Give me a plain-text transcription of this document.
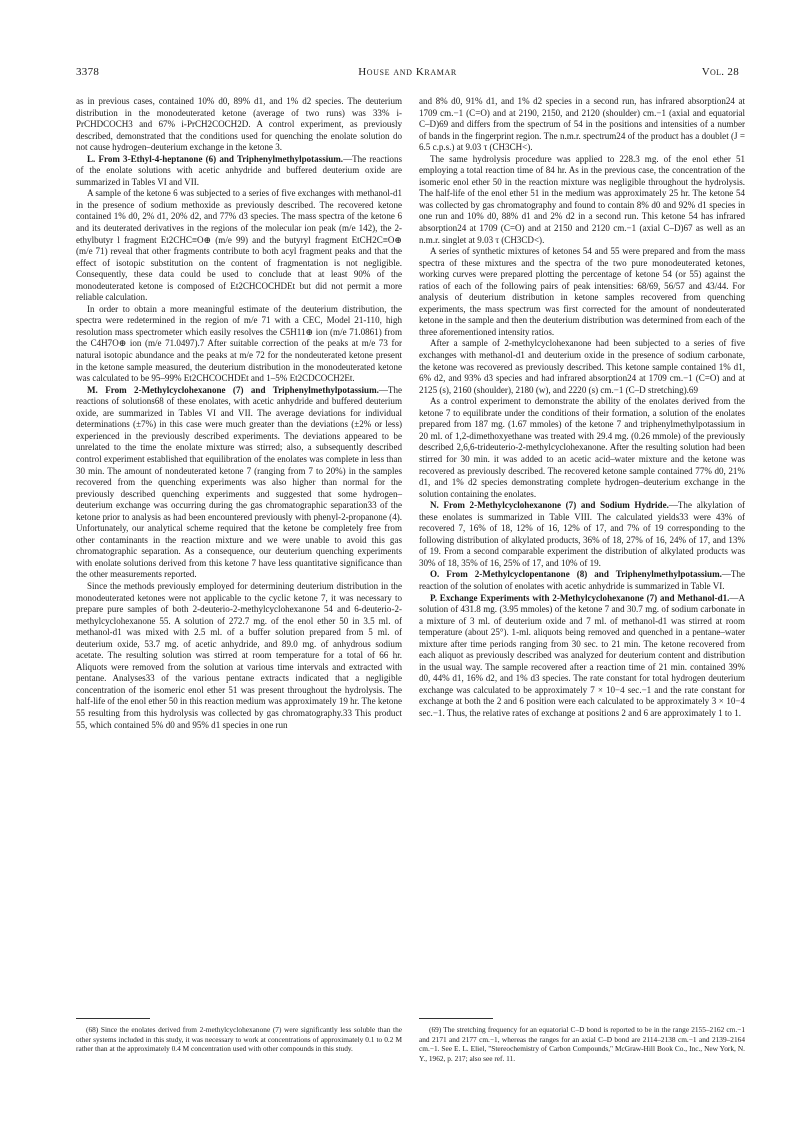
3378	House and Kramar	Vol. 28

as in previous cases, contained 10% d0, 89% d1, and 1% d2 species. The deuterium distribution in the monodeuterated ketone (average of two runs) was 33% i-PrCHDCOCH3 and 67% i-PrCH2COCH2D. A control experiment, as previously described, demonstrated that the conditions used for quenching the enolate solution do not cause hydrogen–deuterium exchange in the ketone 3.

L. From 3-Ethyl-4-heptanone (6) and Triphenylmethylpotassium.—The reactions of the enolate solutions with acetic anhydride and buffered deuterium oxide are summarized in Tables VI and VII.

A sample of the ketone 6 was subjected to a series of five exchanges with methanol-d1 in the presence of sodium methoxide as previously described. The recovered ketone contained 1% d0, 2% d1, 20% d2, and 77% d3 species. The mass spectra of the ketone 6 and its deuterated derivatives in the regions of the molecular ion peak (m/e 142), the 2-ethylbutyr l fragment Et2CHC≡O⊕ (m/e 99) and the butyryl fragment EtCH2C≡O⊕ (m/e 71) reveal that other fragments contribute to both acyl fragment peaks and that the effect of isotopic substitution on the content of fragmentation is not negligible. Consequently, these data could be used to conclude that at least 90% of the monodeuterated ketone is composed of Et2CHCOCHDEt but did not permit a more reliable calculation.

In order to obtain a more meaningful estimate of the deuterium distribution, the spectra were redetermined in the region of m/e 71 with a CEC, Model 21-110, high resolution mass spectrometer which easily resolves the C5H11⊕ ion (m/e 71.0861) from the C4H7O⊕ ion (m/e 71.0497).7 After suitable correction of the peaks at m/e 73 for natural isotopic abundance and the peaks at m/e 72 for the nondeuterated ketone present in the ketone sample measured, the deuterium distribution in the monodeuterated ketone was calculated to be 95–99% Et2CHCOCHDEt and 1–5% Et2CDCOCH2Et.

M. From 2-Methylcyclohexanone (7) and Triphenylmethylpotassium.—The reactions of solutions68 of these enolates, with acetic anhydride and buffered deuterium oxide, are summarized in Tables VI and VII. The average deviations for individual determinations (±7%) in this case were much greater than the deviations (±2% or less) experienced in the previously described experiments. The deviations appeared to be unrelated to the time the enolate mixture was stirred; also, a subsequently described control experiment established that equilibration of the enolates was complete in less than 30 min. The amount of nondeuterated ketone 7 (ranging from 7 to 20%) in the samples recovered from the quenching experiments was also higher than normal for the previously described quenching experiments and suggested that some hydrogen–deuterium exchange was occurring during the gas chromatographic separation33 of the ketone prior to analysis as had been encountered previously with phenyl-2-propanone (4). Unfortunately, our analytical scheme required that the ketone be completely free from other contaminants in the reaction mixture and we were unable to avoid this gas chromatographic separation. As a consequence, our deuterium quenching experiments with enolate solutions derived from this ketone 7 have less quantitative significance than the other measurements reported.

Since the methods previously employed for determining deuterium distribution in the monodeuterated ketones were not applicable to the cyclic ketone 7, it was necessary to prepare pure samples of both 2-deuterio-2-methylcyclohexanone 54 and 6-deuterio-2-methylcyclohexanone 55. A solution of 272.7 mg. of the enol ether 50 in 3.5 ml. of methanol-d1 was mixed with 2.5 ml. of a buffer solution prepared from 5 ml. of deuterium oxide, 53.7 mg. of acetic anhydride, and 89.0 mg. of anhydrous sodium acetate. The resulting solution was stirred at room temperature for a total of 66 hr. Aliquots were removed from the solution at various time intervals and extracted with pentane. Analyses33 of the various pentane extracts indicated that a negligible concentration of the isomeric enol ether 51 was present throughout the hydrolysis. The half-life of the enol ether 50 in this reaction medium was approximately 19 hr. The ketone 55 resulting from this hydrolysis was collected by gas chromatography.33 This product 55, which contained 5% d0 and 95% d1 species in one run

and 8% d0, 91% d1, and 1% d2 species in a second run, has infrared absorption24 at 1709 cm.−1 (C=O) and at 2190, 2150, and 2120 (shoulder) cm.−1 (axial and equatorial C–D)69 and differs from the spectrum of 54 in the positions and intensities of a number of bands in the fingerprint region. The n.m.r. spectrum24 of the product has a doublet (J = 6.5 c.p.s.) at 9.03 τ (CH3CH<).

The same hydrolysis procedure was applied to 228.3 mg. of the enol ether 51 employing a total reaction time of 84 hr. As in the previous case, the concentration of the isomeric enol ether 50 in the reaction mixture was negligible throughout the hydrolysis. The half-life of the enol ether 51 in the medium was approximately 25 hr. The ketone 54 was collected by gas chromatography and found to contain 8% d0 and 92% d1 species in one run and 10% d0, 88% d1 and 2% d2 in a second run. This ketone 54 has infrared absorption24 at 1709 (C=O) and at 2150 and 2120 cm.−1 (axial C–D)67 as well as an n.m.r. singlet at 9.03 τ (CH3CD<).

A series of synthetic mixtures of ketones 54 and 55 were prepared and from the mass spectra of these mixtures and the spectra of the two pure monodeuterated ketones, working curves were prepared plotting the percentage of ketone 54 (or 55) against the ratios of each of the following pairs of peak intensities: 68/69, 56/57 and 43/44. For analysis of deuterium distribution in ketone samples recovered from quenching experiments, the mass spectrum was first corrected for the amount of nondeuterated ketone in the sample and then the deuterium distribution was determined from each of the three aforementioned intensity ratios.

After a sample of 2-methylcyclohexanone had been subjected to a series of five exchanges with methanol-d1 and deuterium oxide in the presence of sodium carbonate, the ketone was recovered as previously described. This ketone sample contained 1% d1, 6% d2, and 93% d3 species and had infrared absorption24 at 1709 cm.−1 (C=O) and at 2125 (s), 2160 (shoulder), 2180 (w), and 2220 (s) cm.−1 (C–D stretching).69

As a control experiment to demonstrate the ability of the enolates derived from the ketone 7 to equilibrate under the conditions of their formation, a solution of the enolates prepared from 187 mg. (1.67 mmoles) of the ketone 7 and triphenylmethylpotassium in 20 ml. of 1,2-dimethoxyethane was treated with 29.4 mg. (0.26 mmole) of the previously described 2,6,6-trideuterio-2-methylcyclohexanone. After the resulting solution had been stirred for 30 min. it was added to an acetic acid–water mixture and the ketone was recovered as previously described. The recovered ketone sample contained 77% d0, 21% d1, and 1% d2 species demonstrating complete hydrogen–deuterium exchange in the solution containing the enolates.

N. From 2-Methylcyclohexanone (7) and Sodium Hydride.—The alkylation of these enolates is summarized in Table VIII. The calculated yields33 were 43% of recovered 7, 16% of 18, 12% of 16, 12% of 17, and 7% of 19 corresponding to the following distribution of alkylated products, 36% of 18, 27% of 16, 24% of 17, and 13% of 19. From a second comparable experiment the distribution of alkylated products was 30% of 18, 35% of 16, 25% of 17, and 10% of 19.

O. From 2-Methylcyclopentanone (8) and Triphenylmethylpotassium.—The reaction of the solution of enolates with acetic anhydride is summarized in Table VI.

P. Exchange Experiments with 2-Methylcyclohexanone (7) and Methanol-d1.—A solution of 431.8 mg. (3.95 mmoles) of the ketone 7 and 30.7 mg. of sodium carbonate in a mixture of 3 ml. of deuterium oxide and 7 ml. of methanol-d1 was stirred at room temperature (about 25°). 1-ml. aliquots being removed and quenched in a pentane–water mixture after time periods ranging from 30 sec. to 21 min. The ketone recovered from each aliquot as previously described was analyzed for deuterium content and distribution in the usual way. The sample recovered after a reaction time of 21 min. contained 39% d0, 44% d1, 16% d2, and 1% d3 species. The rate constant for total hydrogen deuterium exchange was calculated to be approximately 7 × 10−4 sec.−1 and the rate constant for exchange at both the 2 and 6 position were each calculated to be approximately 3 × 10−4 sec.−1. Thus, the relative rates of exchange at positions 2 and 6 are approximately 1 to 1.

(68) Since the enolates derived from 2-methylcyclohexanone (7) were significantly less soluble than the other systems included in this study, it was necessary to work at concentrations of approximately 0.1 to 0.2 M rather than at the approximately 0.4 M concentration used with other compounds in this study.

(69) The stretching frequency for an equatorial C–D bond is reported to be in the range 2155–2162 cm.−1 and 2171 and 2177 cm.−1, whereas the ranges for an axial C–D bond are 2114–2138 cm.−1 and 2139–2164 cm.−1. See E. L. Eliel, "Stereochemistry of Carbon Compounds," McGraw-Hill Book Co., Inc., New York, N. Y., 1962, p. 217; also see ref. 11.
